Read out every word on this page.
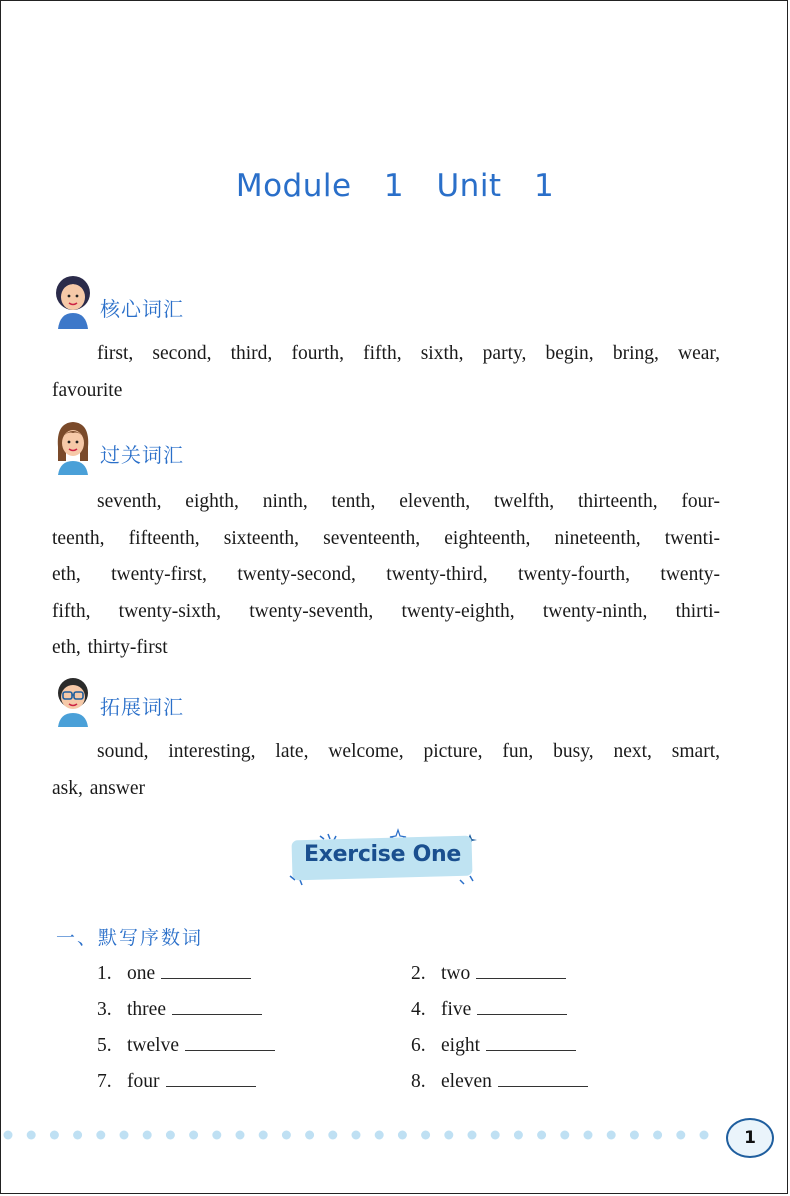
Module 1 Unit 1
核心词汇

first, second, third, fourth, fifth, sixth, party, begin, bring, wear,

favourite

过关词汇

seventh, eighth, ninth, tenth, eleventh, twelfth, thirteenth, four-

teenth, fifteenth, sixteenth, seventeenth, eighteenth, nineteenth, twenti-

eth, twenty-first, twenty-second, twenty-third, twenty-fourth, twenty-

fifth, twenty-sixth, twenty-seventh, twenty-eighth, twenty-ninth, thirti-

eth, thirty-first

拓展词汇

sound, interesting, late, welcome, picture, fun, busy, next, smart,

ask, answer

Exercise One
一、默写序数词
1. one	2. two
3. three	4. five
5. twelve	6. eight
7. four	8. eleven
1
